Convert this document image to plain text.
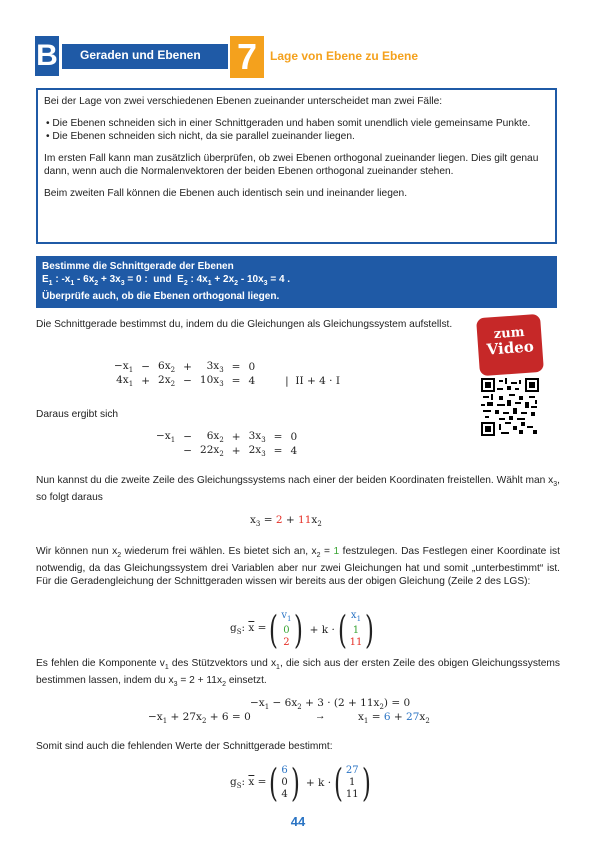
B Geraden und Ebenen 7	Lage von Ebene zu Ebene

Bei der Lage von zwei verschiedenen Ebenen zueinander unterscheidet man zwei Fälle:

• Die Ebenen schneiden sich in einer Schnittgeraden und haben somit unendlich viele gemeinsame Punkte.

• Die Ebenen schneiden sich nicht, da sie parallel zueinander liegen.

Im ersten Fall kann man zusätzlich überprüfen, ob zwei Ebenen orthogonal zueinander liegen. Dies gilt genau dann, wenn auch die Normalenvektoren der beiden Ebenen orthogonal zueinander stehen.

Beim zweiten Fall können die Ebenen auch identisch sein und ineinander liegen.

Bestimme die Schnittgerade der Ebenen
$E_1$ : $-x_1 - 6x_2 + 3x_3 = 0$ :  und  $E_2$ : $4x_1 + 2x_2 - 10x_3 = 4$ .
Überprüfe auch, ob die Ebenen orthogonal liegen.
Die Schnittgerade bestimmst du, indem du die Gleichungen als Gleichungssystem aufstellst.
zum
Video
$-x_1$	−	$6x_2$	+	$3x_3$	=	0	
$4x_1$	+	$2x_2$	−	$10x_3$	=	4	|  II + 4 · I
Daraus ergibt sich
$-x_1$	−	$6x_2$	+	$3x_3$	=	0
	−	$22x_2$	+	$2x_3$	=	4
Nun kannst du die zweite Zeile des Gleichungssystems nach einer der beiden Koordinaten freistellen. Wählt man $x_3$, so folgt daraus
$x_3 = 2 + 11x_2$
Wir können nun $x_2$ wiederum frei wählen. Es bietet sich an, $x_2 = 1$ festzulegen. Das Festlegen einer Koordinate ist notwendig, da das Gleichungssystem drei Variablen aber nur zwei Gleichungen hat und somit „unterbestimmt“ ist. Für die Geradengleichung der Schnittgeraden wissen wir bereits aus der obigen Gleichung (Zeile 2 des LGS):
$g_S$: $\overline{x}$ = ( $v_1$
0
2 ) + k · ( $x_1$
1
11 )
Es fehlen die Komponente $v_1$ des Stützvektors und $x_1$, die sich aus der ersten Zeile des obigen Gleichungssystems bestimmen lassen, indem du $x_3 = 2 + 11x_2$ einsetzt.
$-x_1 - 6x_2 + 3 \cdot (2 + 11x_2) = 0$
$-x_1 + 27x_2 + 6 = 0$	→	$x_1 = 6 + 27x_2$
Somit sind auch die fehlenden Werte der Schnittgerade bestimmt:
$g_S$: $\overline{x}$ = ( 6
0
4 ) + k · ( 27
1
11 )
44
